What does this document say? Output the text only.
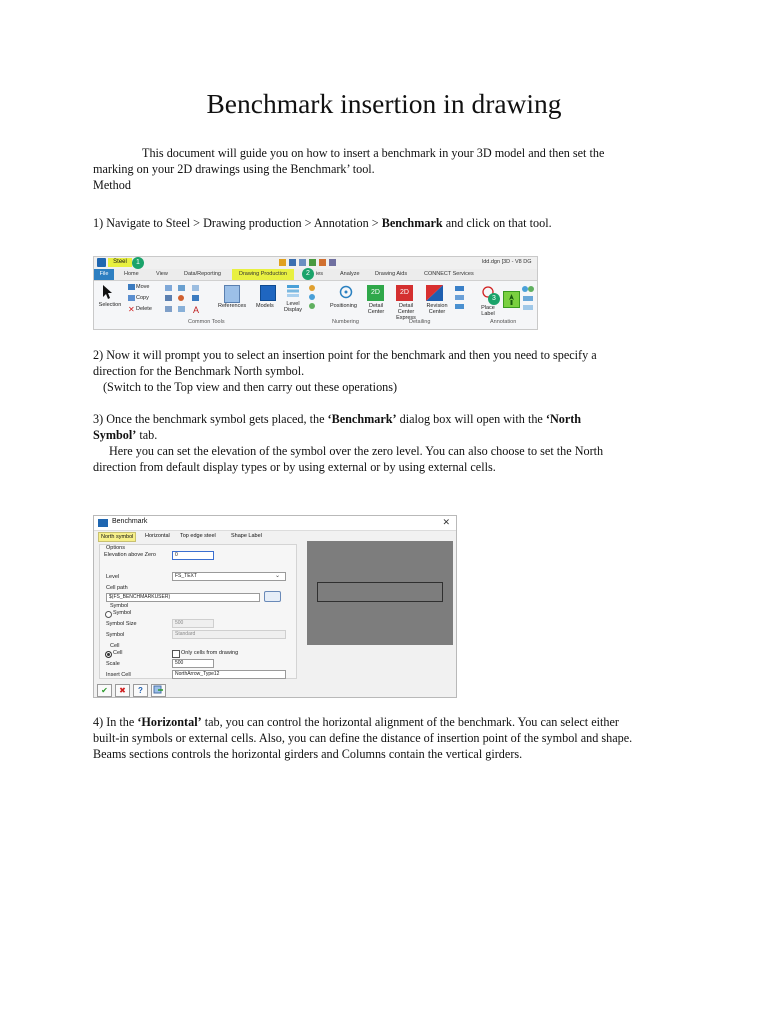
Benchmark insertion in drawing
This document will guide you on how to insert a benchmark in your 3D model and then set the
marking on your 2D drawings using the Benchmark’ tool.
Method
1) Navigate to Steel > Drawing production > Annotation > Benchmark and click on that tool.
Steel	1	ldd.dgn [3D - V8 DG
File	Home	View	Data/Reporting	Drawing Production	ies	Analyze	Drawing Aids	CONNECT Services
2
Selection
Move
Copy
✕ Delete	A	References Models	Level Display
Common Tools
Positioning
Numbering
2D
Detail Center
2D
Detail Center Express
Revision Center
Detailing
Place Label
3
Annotation
2) Now it will prompt you to select an insertion point for the benchmark and then you need to specify a
direction for the Benchmark North symbol.
(Switch to the Top view and then carry out these operations)
3) Once the benchmark symbol gets placed, the ‘Benchmark’ dialog box will open with the ‘North
Symbol’ tab.
Here you can set the elevation of the symbol over the zero level. You can also choose to set the North
direction from default display types or by using external or by using external cells.
Benchmark	✕
North symbol	Horizontal	Top edge steel	Shape Label
Options
Elevation above Zero	0
Level	FS_TEXT	⌄
Cell path
$(FS_BENCHMARKUSER)
Symbol
Symbol
Symbol Size	500
Symbol	Standard
Cell
Cell	Only cells from drawing
Scale	500
Insert Cell	NorthArrow_Type12
✔	✖	?
4) In the ‘Horizontal’ tab, you can control the horizontal alignment of the benchmark. You can select either
built-in symbols or external cells. Also, you can define the distance of insertion point of the symbol and shape.
Beams sections controls the horizontal girders and Columns contain the vertical girders.
